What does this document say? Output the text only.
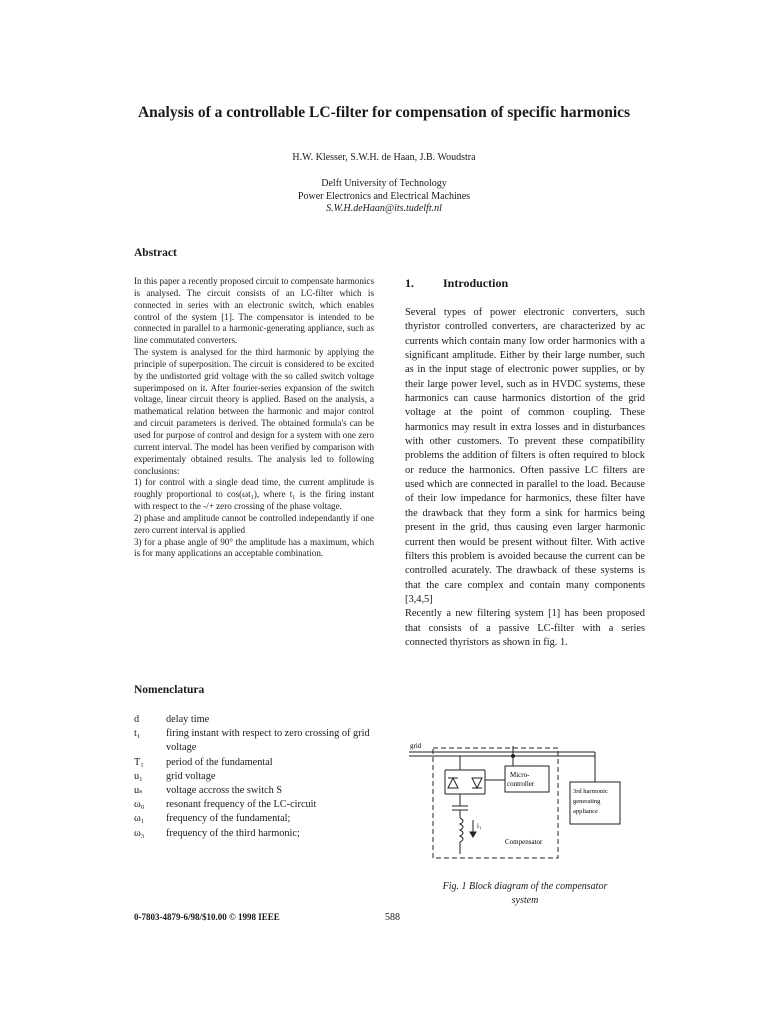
Analysis of a controllable LC-filter for compensation of specific harmonics
H.W. Klesser, S.W.H. de Haan, J.B. Woudstra
Delft University of Technology
Power Electronics and Electrical Machines
S.W.H.deHaan@its.tudelft.nl
Abstract

In this paper a recently proposed circuit to compensate harmonics is analysed. The circuit consists of an LC-filter which is connected in series with an electronic switch, which enables control of the system [1]. The compensator is intended to be connected in parallel to a harmonic-generating appliance, such as line commutated converters.

The system is analysed for the third harmonic by applying the principle of superposition. The circuit is considered to be excited by the undistorted grid voltage with the so called switch voltage superimposed on it. After fourier-series expansion of the switch voltage, linear circuit theory is applied. Based on the analysis, a mathematical relation between the harmonic and major control and circuit parameters is derived. The obtained formula's can be used for purpose of control and design for a system with one zero current interval. The model has been verified by comparison with experimentaly obtained results. The analysis led to following conclusions:

1) for control with a single dead time, the current amplitude is roughly proportional to cos(ωt₁), where t₁ is the firing instant with respect to the -/+ zero crossing of the phase voltage.

2) phase and amplitude cannot be controlled independantly if one zero current interval is applied

3) for a phase angle of 90° the amplitude has a maximum, which is for many applications an acceptable combination.

Nomenclatura
d	delay time
t₁	firing instant with respect to zero crossing of grid voltage
T₁	period of the fundamental
u₁	grid voltage
uₛ	voltage accross the switch S
ω₀	resonant frequency of the LC-circuit
ω₁	frequency of the fundamental;
ω₃	frequency of the third harmonic;
1. Introduction

Several types of power electronic converters, such thyristor controlled converters, are characterized by ac currents which contain many low order harmonics with a significant amplitude. Either by their large number, such as in the input stage of electronic power supplies, or by their large power level, such as in HVDC systems, these harmonics can cause harmonics distortion of the grid voltage at the point of common coupling. These harmonics may result in extra losses and in disturbances with other customers. To prevent these compatibility problems the addition of filters is often required to block or reduce the harmonics. Often passive LC filters are used which are connected in parallel to the load. Because of their low impedance for harmonics, these filter have the drawback that they form a sink for harmics being present in the grid, thus causing even larger harmonic current then would be present without filter. With active filters this problem is avoided because the current can be controlled acurately. The drawback of these systems is that the care complex and contain many components [3,4,5]

Recently a new filtering system [1] has been proposed that consists of a passive LC-filter with a series connected thyristors as shown in fig. 1.

grid
Micro-
controller
3rd harmonic
generating
appliance
Compensator
i₁
Fig. 1 Block diagram of the compensator
system
0-7803-4879-6/98/$10.00 © 1998 IEEE	588
